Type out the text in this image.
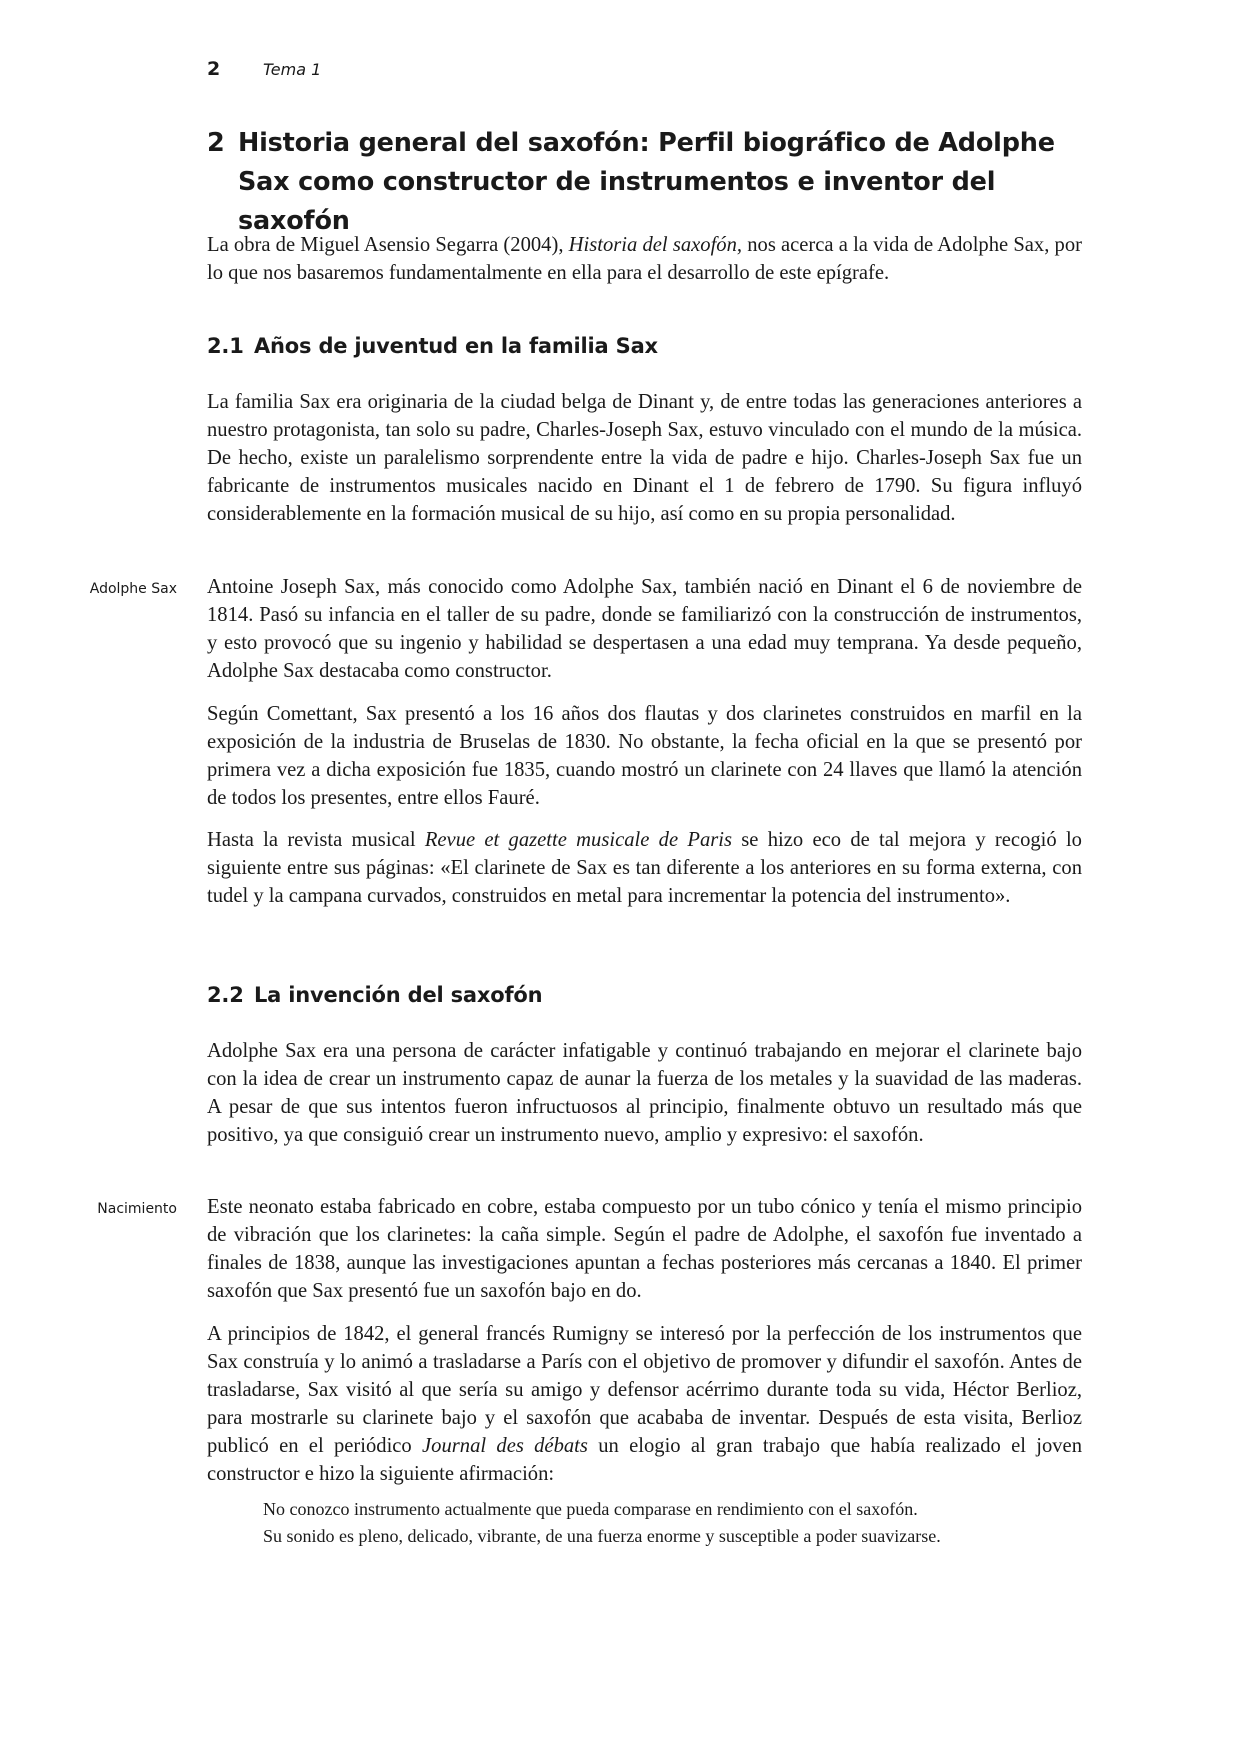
2	Tema 1
2 Historia general del saxofón: Perfil biográfico de Adolphe Sax como constructor de instrumentos e inventor del saxofón

La obra de Miguel Asensio Segarra (2004), Historia del saxofón, nos acerca a la vida de Adolphe Sax, por lo que nos basaremos fundamentalmente en ella para el desarrollo de este epígrafe.

2.1 Años de juventud en la familia Sax

La familia Sax era originaria de la ciudad belga de Dinant y, de entre todas las generaciones anteriores a nuestro protagonista, tan solo su padre, Charles-Joseph Sax, estuvo vinculado con el mundo de la música. De hecho, existe un paralelismo sorprendente entre la vida de padre e hijo. Charles-Joseph Sax fue un fabricante de instrumentos musicales nacido en Dinant el 1 de febrero de 1790. Su figura influyó considerablemente en la formación musical de su hijo, así como en su propia personalidad.

Adolphe Sax Antoine Joseph Sax, más conocido como Adolphe Sax, también nació en Dinant el 6 de noviembre de 1814. Pasó su infancia en el taller de su padre, donde se familiarizó con la construcción de instrumentos, y esto provocó que su ingenio y habilidad se despertasen a una edad muy temprana. Ya desde pequeño, Adolphe Sax destacaba como constructor.

Según Comettant, Sax presentó a los 16 años dos flautas y dos clarinetes construidos en marfil en la exposición de la industria de Bruselas de 1830. No obstante, la fecha oficial en la que se presentó por primera vez a dicha exposición fue 1835, cuando mostró un clarinete con 24 llaves que llamó la atención de todos los presentes, entre ellos Fauré.

Hasta la revista musical Revue et gazette musicale de Paris se hizo eco de tal mejora y recogió lo siguiente entre sus páginas: «El clarinete de Sax es tan diferente a los anteriores en su forma externa, con tudel y la campana curvados, construidos en metal para incrementar la potencia del instrumento».

2.2 La invención del saxofón

Adolphe Sax era una persona de carácter infatigable y continuó trabajando en mejorar el clarinete bajo con la idea de crear un instrumento capaz de aunar la fuerza de los metales y la suavidad de las maderas. A pesar de que sus intentos fueron infructuosos al principio, finalmente obtuvo un resultado más que positivo, ya que consiguió crear un instrumento nuevo, amplio y expresivo: el saxofón.

Nacimiento Este neonato estaba fabricado en cobre, estaba compuesto por un tubo cónico y tenía el mismo principio de vibración que los clarinetes: la caña simple. Según el padre de Adolphe, el saxofón fue inventado a finales de 1838, aunque las investigaciones apuntan a fechas posteriores más cercanas a 1840. El primer saxofón que Sax presentó fue un saxofón bajo en do.

A principios de 1842, el general francés Rumigny se interesó por la perfección de los instrumentos que Sax construía y lo animó a trasladarse a París con el objetivo de promover y difundir el saxofón. Antes de trasladarse, Sax visitó al que sería su amigo y defensor acérrimo durante toda su vida, Héctor Berlioz, para mostrarle su clarinete bajo y el saxofón que acababa de inventar. Después de esta visita, Berlioz publicó en el periódico Journal des débats un elogio al gran trabajo que había realizado el joven constructor e hizo la siguiente afirmación:

No conozco instrumento actualmente que pueda comparase en rendimiento con el saxofón.

Su sonido es pleno, delicado, vibrante, de una fuerza enorme y susceptible a poder suavizarse.
